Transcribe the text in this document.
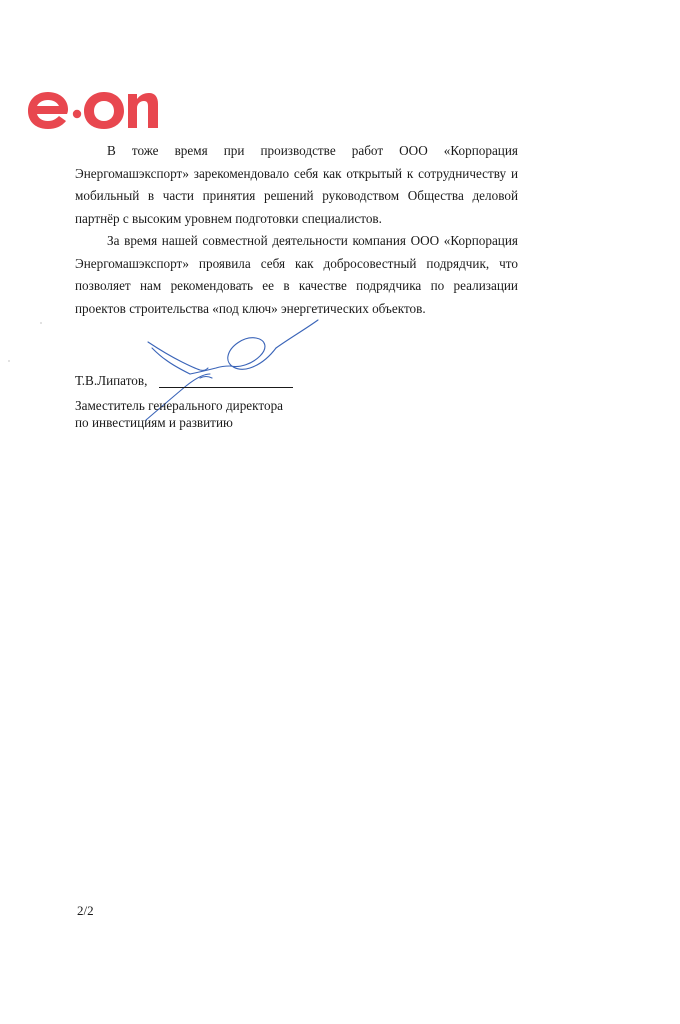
В тоже время при производстве работ ООО «Корпорация Энергомашэкспорт» зарекомендовало себя как открытый к сотрудничеству и мобильный в части принятия решений руководством Общества деловой партнёр с высоким уровнем подготовки специалистов.

За время нашей совместной деятельности компания ООО «Корпорация Энергомашэкспорт» проявила себя как добросовестный подрядчик, что позволяет нам рекомендовать ее в качестве подрядчика по реализации проектов строительства «под ключ» энергетических объектов.

Т.В.Липатов,
Заместитель генерального директора
по инвестициям и развитию
2/2
